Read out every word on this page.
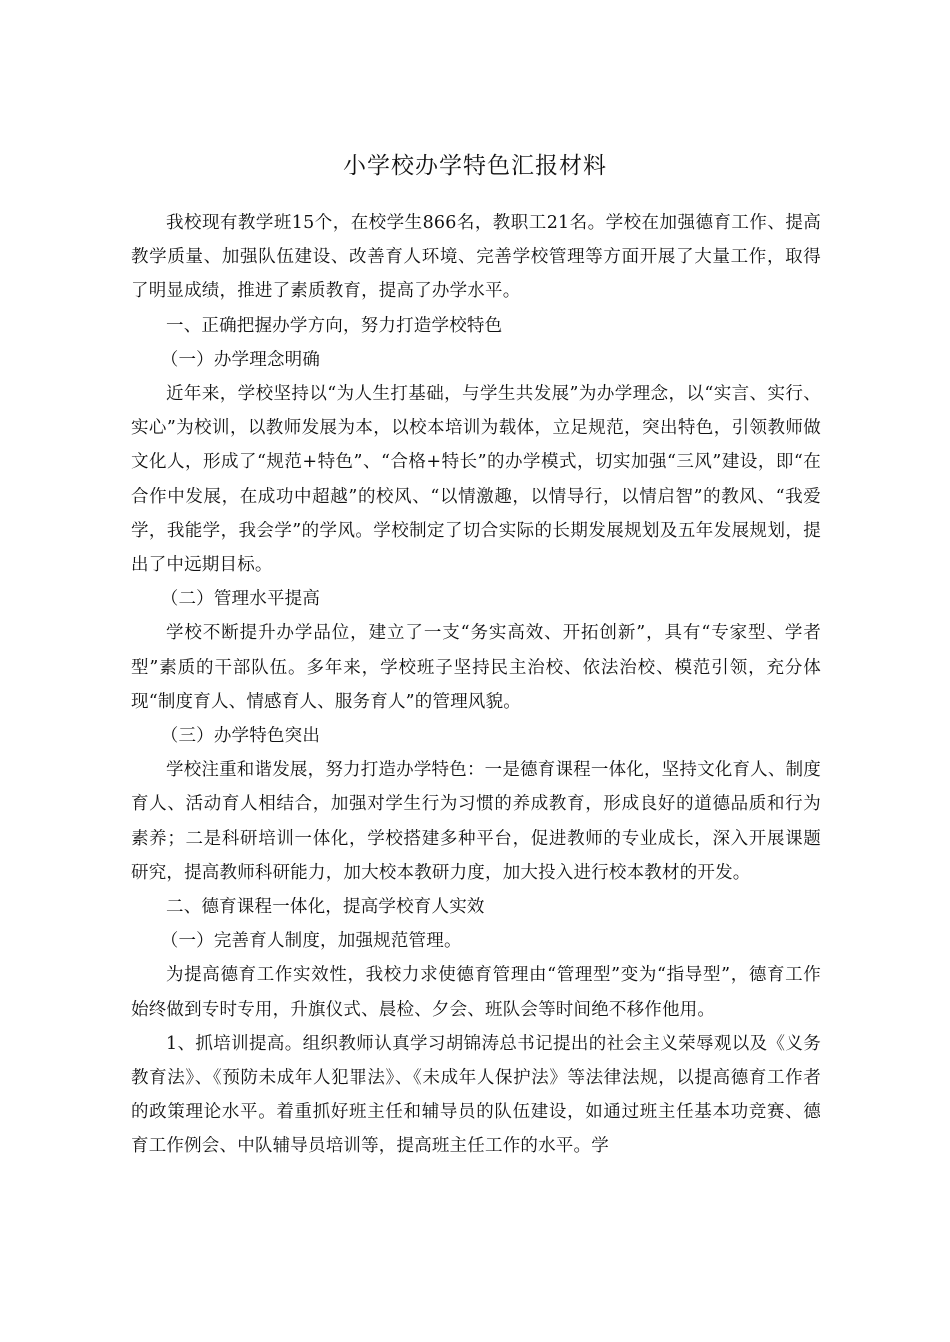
小学校办学特色汇报材料

我校现有教学班15个，在校学生866名，教职工21名。学校在加强德育工作、提高教学质量、加强队伍建设、改善育人环境、完善学校管理等方面开展了大量工作，取得了明显成绩，推进了素质教育，提高了办学水平。

一、正确把握办学方向，努力打造学校特色

（一）办学理念明确

近年来，学校坚持以“为人生打基础，与学生共发展”为办学理念，以“实言、实行、实心”为校训，以教师发展为本，以校本培训为载体，立足规范，突出特色，引领教师做文化人，形成了“规范+特色”、“合格+特长”的办学模式，切实加强“三风”建设，即“在合作中发展，在成功中超越”的校风、“以情激趣，以情导行，以情启智”的教风、“我爱学，我能学，我会学”的学风。学校制定了切合实际的长期发展规划及五年发展规划，提出了中远期目标。

（二）管理水平提高

学校不断提升办学品位，建立了一支“务实高效、开拓创新”，具有“专家型、学者型”素质的干部队伍。多年来，学校班子坚持民主治校、依法治校、模范引领，充分体现“制度育人、情感育人、服务育人”的管理风貌。

（三）办学特色突出

学校注重和谐发展，努力打造办学特色：一是德育课程一体化，坚持文化育人、制度育人、活动育人相结合，加强对学生行为习惯的养成教育，形成良好的道德品质和行为素养；二是科研培训一体化，学校搭建多种平台，促进教师的专业成长，深入开展课题研究，提高教师科研能力，加大校本教研力度，加大投入进行校本教材的开发。

二、德育课程一体化，提高学校育人实效

（一）完善育人制度，加强规范管理。

为提高德育工作实效性，我校力求使德育管理由“管理型”变为“指导型”，德育工作始终做到专时专用，升旗仪式、晨检、夕会、班队会等时间绝不移作他用。

1、抓培训提高。组织教师认真学习胡锦涛总书记提出的社会主义荣辱观以及《义务教育法》、《预防未成年人犯罪法》、《未成年人保护法》等法律法规，以提高德育工作者的政策理论水平。着重抓好班主任和辅导员的队伍建设，如通过班主任基本功竞赛、德育工作例会、中队辅导员培训等，提高班主任工作的水平。学
